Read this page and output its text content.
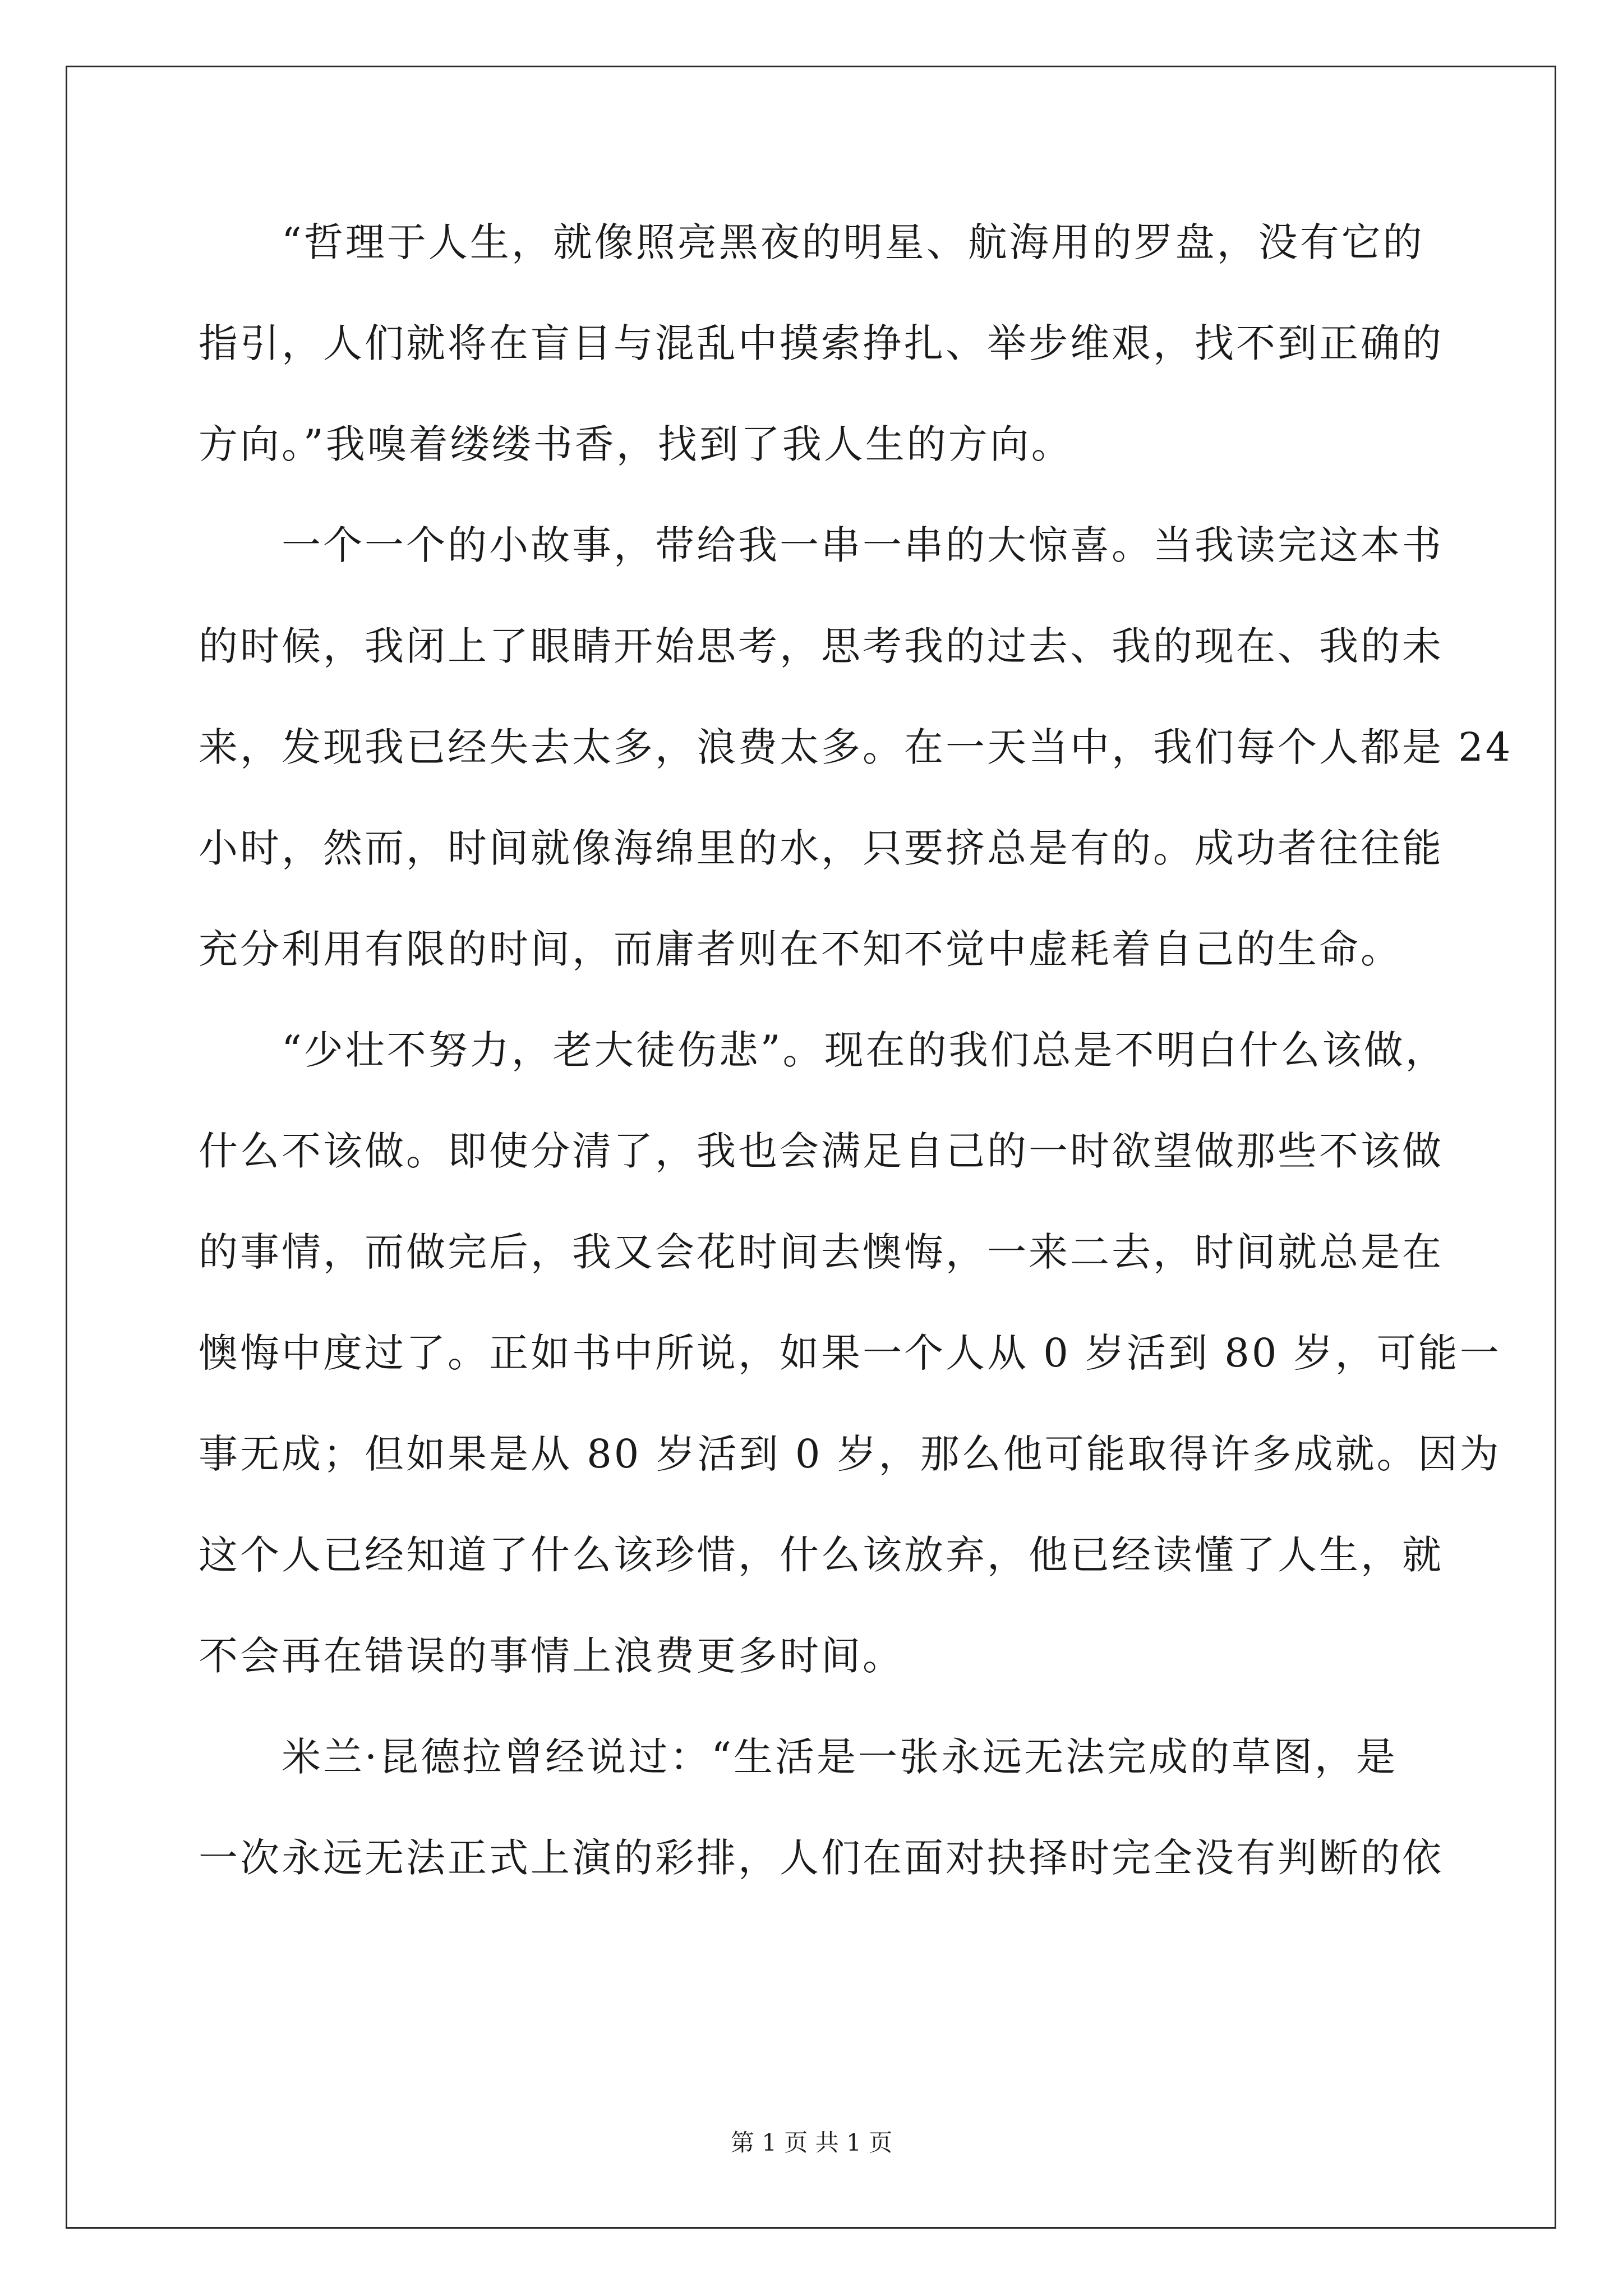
“哲理于人生，就像照亮黑夜的明星、航海用的罗盘，没有它的
指引，人们就将在盲目与混乱中摸索挣扎、举步维艰，找不到正确的
方向。”我嗅着缕缕书香，找到了我人生的方向。
一个一个的小故事，带给我一串一串的大惊喜。当我读完这本书
的时候，我闭上了眼睛开始思考，思考我的过去、我的现在、我的未
来，发现我已经失去太多，浪费太多。在一天当中，我们每个人都是 24
小时，然而，时间就像海绵里的水，只要挤总是有的。成功者往往能
充分利用有限的时间，而庸者则在不知不觉中虚耗着自己的生命。
“少壮不努力，老大徒伤悲”。现在的我们总是不明白什么该做，
什么不该做。即使分清了，我也会满足自己的一时欲望做那些不该做
的事情，而做完后，我又会花时间去懊悔，一来二去，时间就总是在
懊悔中度过了。正如书中所说，如果一个人从 0 岁活到 80 岁，可能一
事无成；但如果是从 80 岁活到 0 岁，那么他可能取得许多成就。因为
这个人已经知道了什么该珍惜，什么该放弃，他已经读懂了人生，就
不会再在错误的事情上浪费更多时间。
米兰·昆德拉曾经说过：“生活是一张永远无法完成的草图，是
一次永远无法正式上演的彩排，人们在面对抉择时完全没有判断的依
第 1 页 共 1 页
